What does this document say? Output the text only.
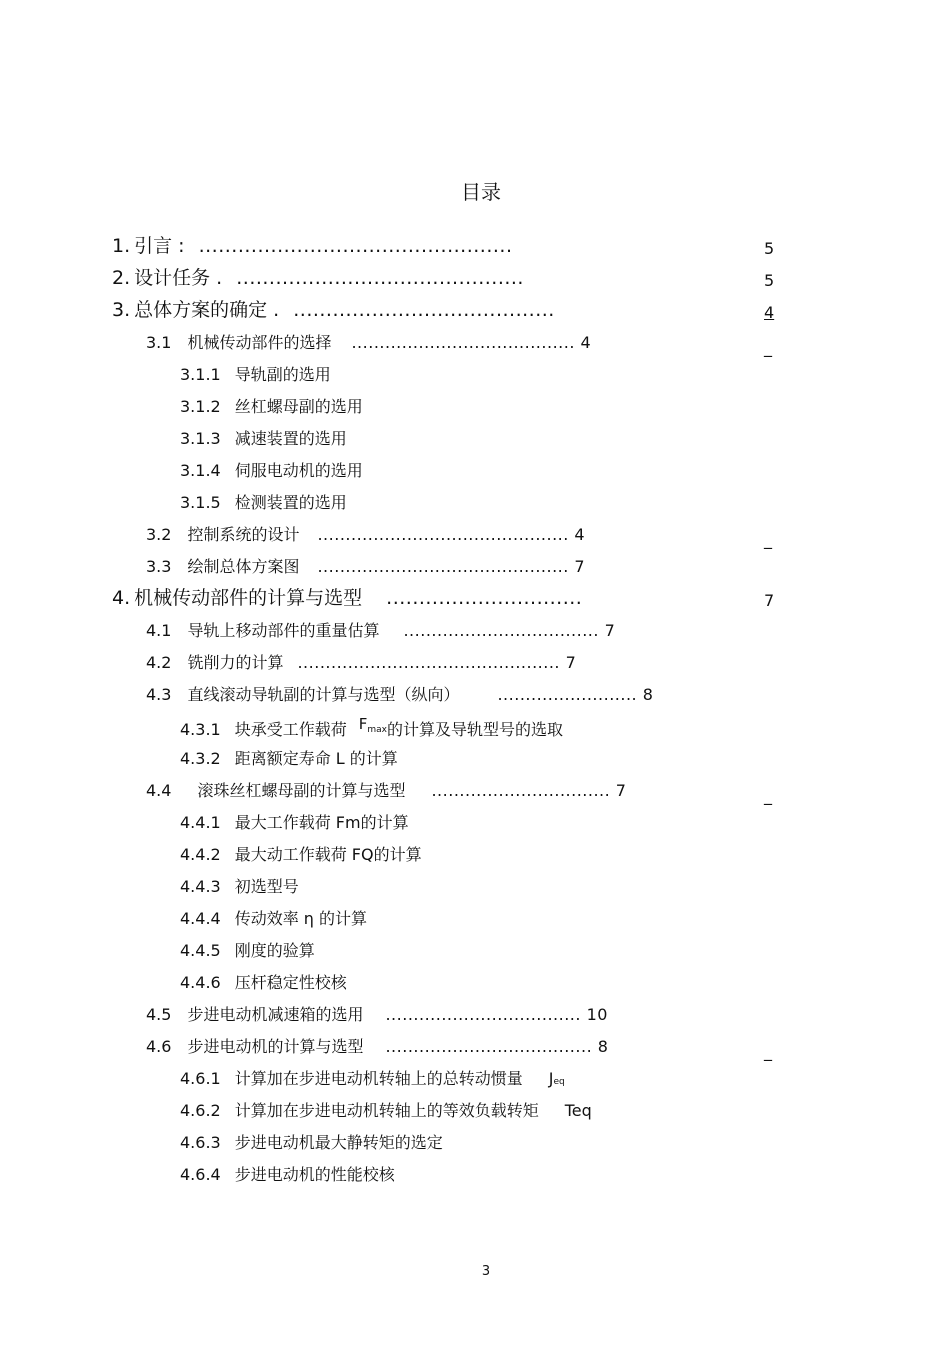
目录
1. 引言 : ................................................	5
2. 设计任务 . ............................................	5
3. 总体方案的确定 . ........................................	4
3.1 机械传动部件的选择 ........................................ 4	_
3.1.1 导轨副的选用
3.1.2 丝杠螺母副的选用
3.1.3 减速装置的选用
3.1.4 伺服电动机的选用
3.1.5 检测装置的选用
3.2 控制系统的设计 ............................................. 4	_
3.3 绘制总体方案图 ............................................. 7
4. 机械传动部件的计算与选型 ..............................	7
4.1 导轨上移动部件的重量估算 ................................... 7
4.2 铣削力的计算 ............................................... 7
4.3 直线滚动导轨副的计算与选型（纵向） ......................... 8
4.3.1 块承受工作载荷 $F^{max}$的计算及导轨型号的选取
4.3.2 距离额定寿命 L 的计算
4.4 滚珠丝杠螺母副的计算与选型 ................................ 7	_
4.4.1 最大工作载荷 Fm的计算
4.4.2 最大动工作载荷 FQ的计算
4.4.3 初选型号
4.4.4 传动效率 η 的计算
4.4.5 刚度的验算
4.4.6 压杆稳定性校核
4.5 步进电动机减速箱的选用 ................................... 10
4.6 步进电动机的计算与选型 ..................................... 8	_
4.6.1 计算加在步进电动机转轴上的总转动惯量 Jeq
4.6.2 计算加在步进电动机转轴上的等效负载转矩 Teq
4.6.3 步进电动机最大静转矩的选定
4.6.4 步进电动机的性能校核
3
